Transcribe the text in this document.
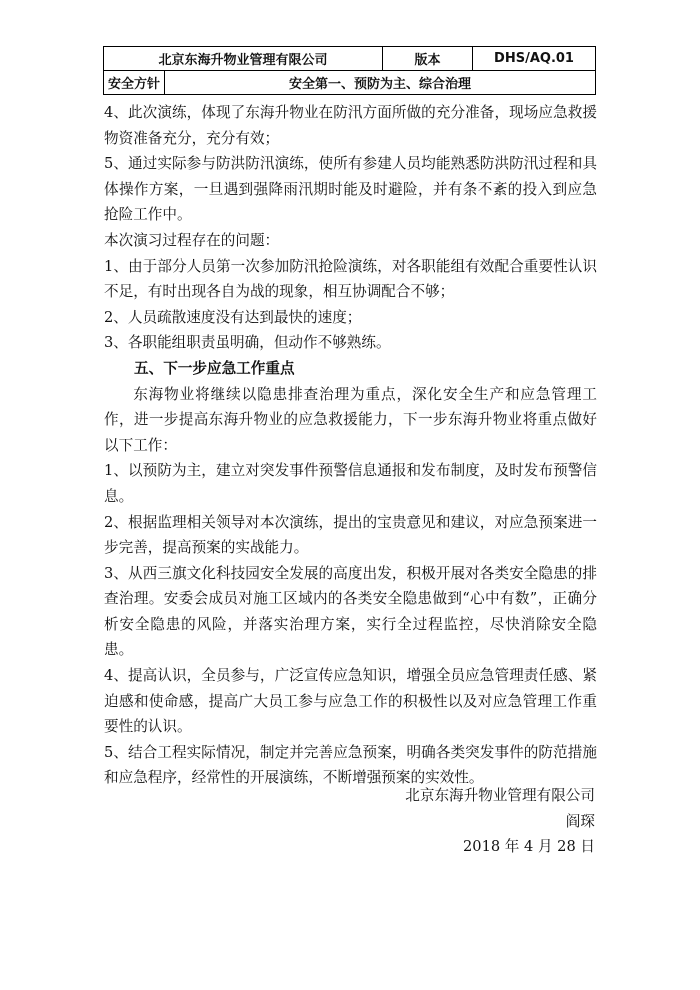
北京东海升物业管理有限公司		版本	DHS/AQ.01
安全方针	安全第一、预防为主、综合治理		

4、此次演练，体现了东海升物业在防汛方面所做的充分准备，现场应急救援物资准备充分，充分有效；

5、通过实际参与防洪防汛演练，使所有参建人员均能熟悉防洪防汛过程和具体操作方案，一旦遇到强降雨汛期时能及时避险，并有条不紊的投入到应急抢险工作中。

本次演习过程存在的问题：

1、由于部分人员第一次参加防汛抢险演练，对各职能组有效配合重要性认识不足，有时出现各自为战的现象，相互协调配合不够；

2、人员疏散速度没有达到最快的速度；

3、各职能组职责虽明确，但动作不够熟练。

五、下一步应急工作重点

东海物业将继续以隐患排查治理为重点，深化安全生产和应急管理工作，进一步提高东海升物业的应急救援能力，下一步东海升物业将重点做好以下工作：

1、以预防为主，建立对突发事件预警信息通报和发布制度，及时发布预警信息。

2、根据监理相关领导对本次演练，提出的宝贵意见和建议，对应急预案进一步完善，提高预案的实战能力。

3、从西三旗文化科技园安全发展的高度出发，积极开展对各类安全隐患的排查治理。安委会成员对施工区域内的各类安全隐患做到“心中有数”，正确分析安全隐患的风险，并落实治理方案，实行全过程监控，尽快消除安全隐患。

4、提高认识，全员参与，广泛宣传应急知识，增强全员应急管理责任感、紧迫感和使命感，提高广大员工参与应急工作的积极性以及对应急管理工作重要性的认识。

5、结合工程实际情况，制定并完善应急预案，明确各类突发事件的防范措施和应急程序，经常性的开展演练，不断增强预案的实效性。

北京东海升物业管理有限公司
阎琛
2018 年 4 月 28 日
